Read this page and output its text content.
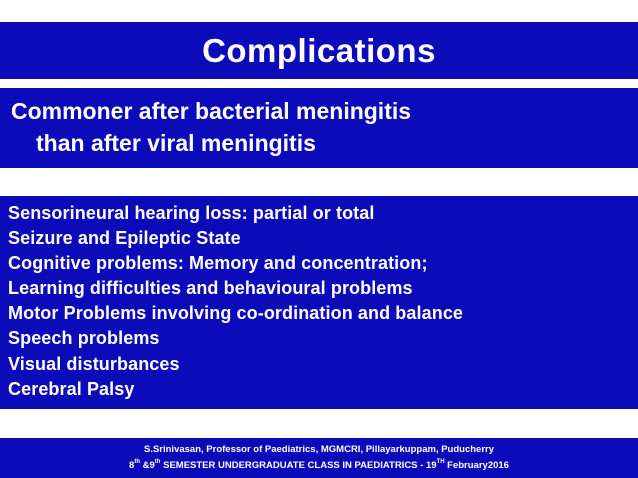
Complications
Commoner after bacterial meningitis
than after viral meningitis
Sensorineural hearing loss: partial or total
Seizure and Epileptic State
Cognitive problems: Memory and concentration;
Learning difficulties and behavioural problems
Motor Problems involving co-ordination and balance
Speech problems
Visual disturbances
Cerebral Palsy
S.Srinivasan, Professor of Paediatrics, MGMCRI, Pillayarkuppam, Puducherry
8th &9th SEMESTER UNDERGRADUATE CLASS IN PAEDIATRICS - 19TH February2016
